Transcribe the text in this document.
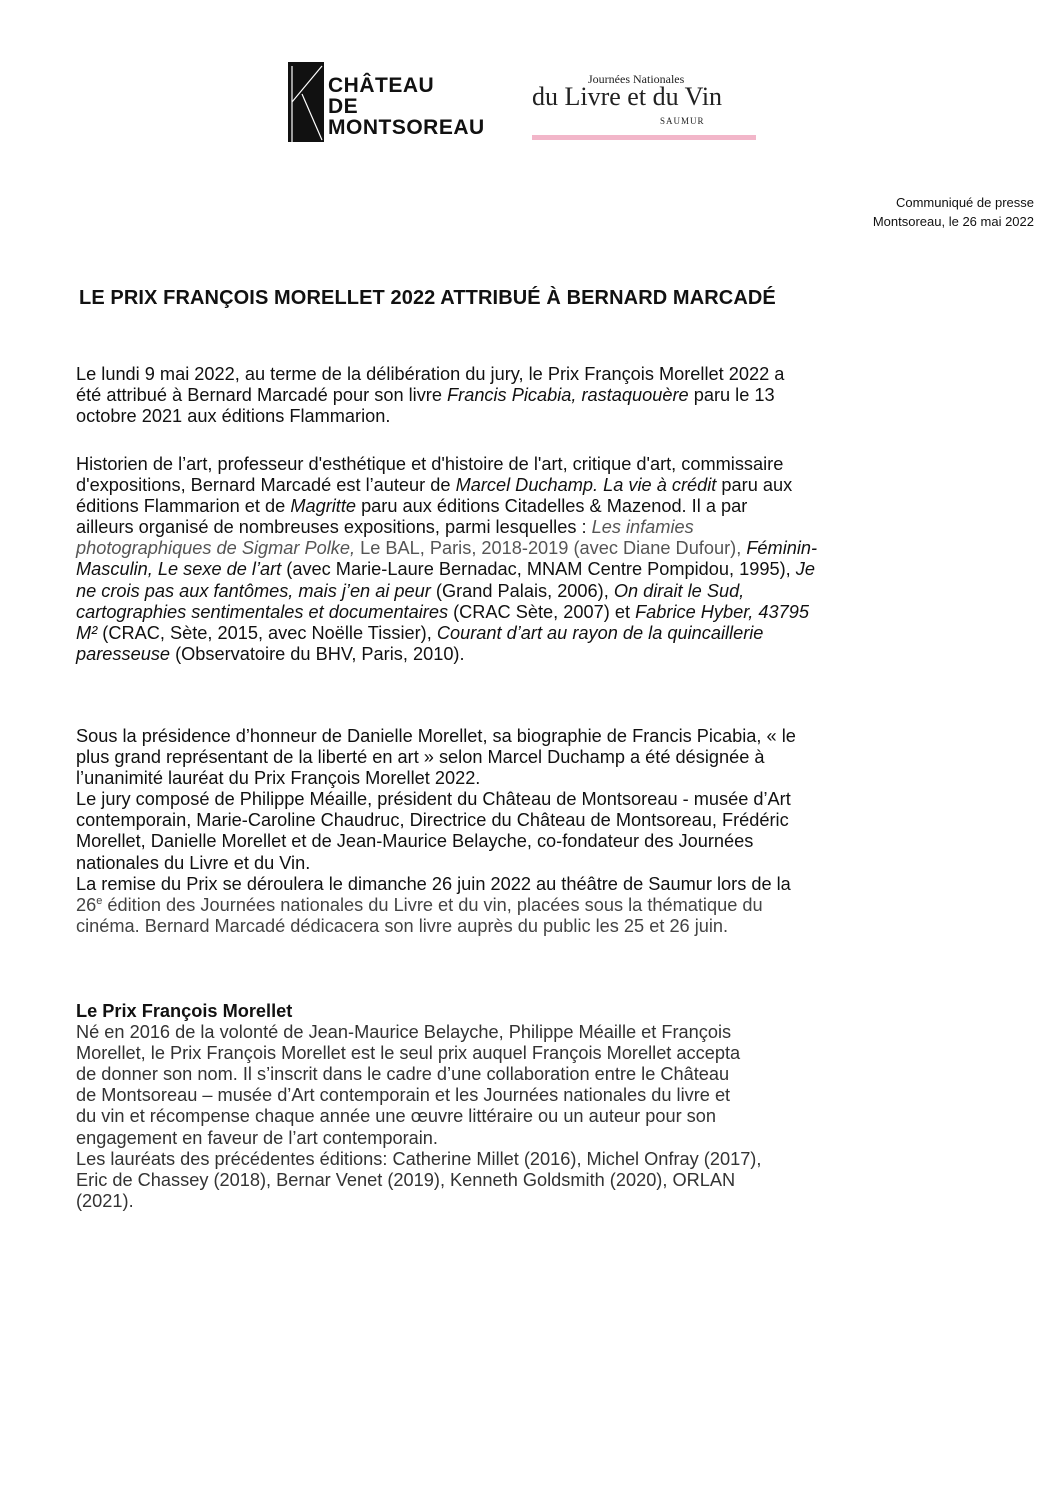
CHÂTEAU
DE
MONTSOREAU
Journées Nationales
du Livre et du Vin
SAUMUR
Communiqué de presse
Montsoreau, le 26 mai 2022
LE PRIX FRANÇOIS MORELLET 2022 ATTRIBUÉ À BERNARD MARCADÉ
Le lundi 9 mai 2022, au terme de la délibération du jury, le Prix François Morellet 2022 a
été attribué à Bernard Marcadé pour son livre Francis Picabia, rastaquouère paru le 13
octobre 2021 aux éditions Flammarion.
Historien de l’art, professeur d'esthétique et d'histoire de l'art, critique d'art, commissaire
d'expositions, Bernard Marcadé est l’auteur de Marcel Duchamp. La vie à crédit paru aux
éditions Flammarion et de Magritte paru aux éditions Citadelles & Mazenod. Il a par
ailleurs organisé de nombreuses expositions, parmi lesquelles : Les infamies
photographiques de Sigmar Polke, Le BAL, Paris, 2018-2019 (avec Diane Dufour), Féminin-
Masculin, Le sexe de l’art (avec Marie-Laure Bernadac, MNAM Centre Pompidou, 1995), Je
ne crois pas aux fantômes, mais j’en ai peur (Grand Palais, 2006), On dirait le Sud,
cartographies sentimentales et documentaires (CRAC Sète, 2007) et Fabrice Hyber, 43795
M² (CRAC, Sète, 2015, avec Noëlle Tissier), Courant d’art au rayon de la quincaillerie
paresseuse (Observatoire du BHV, Paris, 2010).
Sous la présidence d’honneur de Danielle Morellet, sa biographie de Francis Picabia, « le
plus grand représentant de la liberté en art » selon Marcel Duchamp a été désignée à
l’unanimité lauréat du Prix François Morellet 2022.
Le jury composé de Philippe Méaille, président du Château de Montsoreau - musée d’Art
contemporain, Marie-Caroline Chaudruc, Directrice du Château de Montsoreau, Frédéric
Morellet, Danielle Morellet et de Jean-Maurice Belayche, co-fondateur des Journées
nationales du Livre et du Vin.
La remise du Prix se déroulera le dimanche 26 juin 2022 au théâtre de Saumur lors de la
26e édition des Journées nationales du Livre et du vin, placées sous la thématique du
cinéma. Bernard Marcadé dédicacera son livre auprès du public les 25 et 26 juin.
Le Prix François Morellet
Né en 2016 de la volonté de Jean-Maurice Belayche, Philippe Méaille et François
Morellet, le Prix François Morellet est le seul prix auquel François Morellet accepta
de donner son nom. Il s’inscrit dans le cadre d’une collaboration entre le Château
de Montsoreau – musée d’Art contemporain et les Journées nationales du livre et
du vin et récompense chaque année une œuvre littéraire ou un auteur pour son
engagement en faveur de l’art contemporain.
Les lauréats des précédentes éditions: Catherine Millet (2016), Michel Onfray (2017),
Eric de Chassey (2018), Bernar Venet (2019), Kenneth Goldsmith (2020), ORLAN
(2021).
